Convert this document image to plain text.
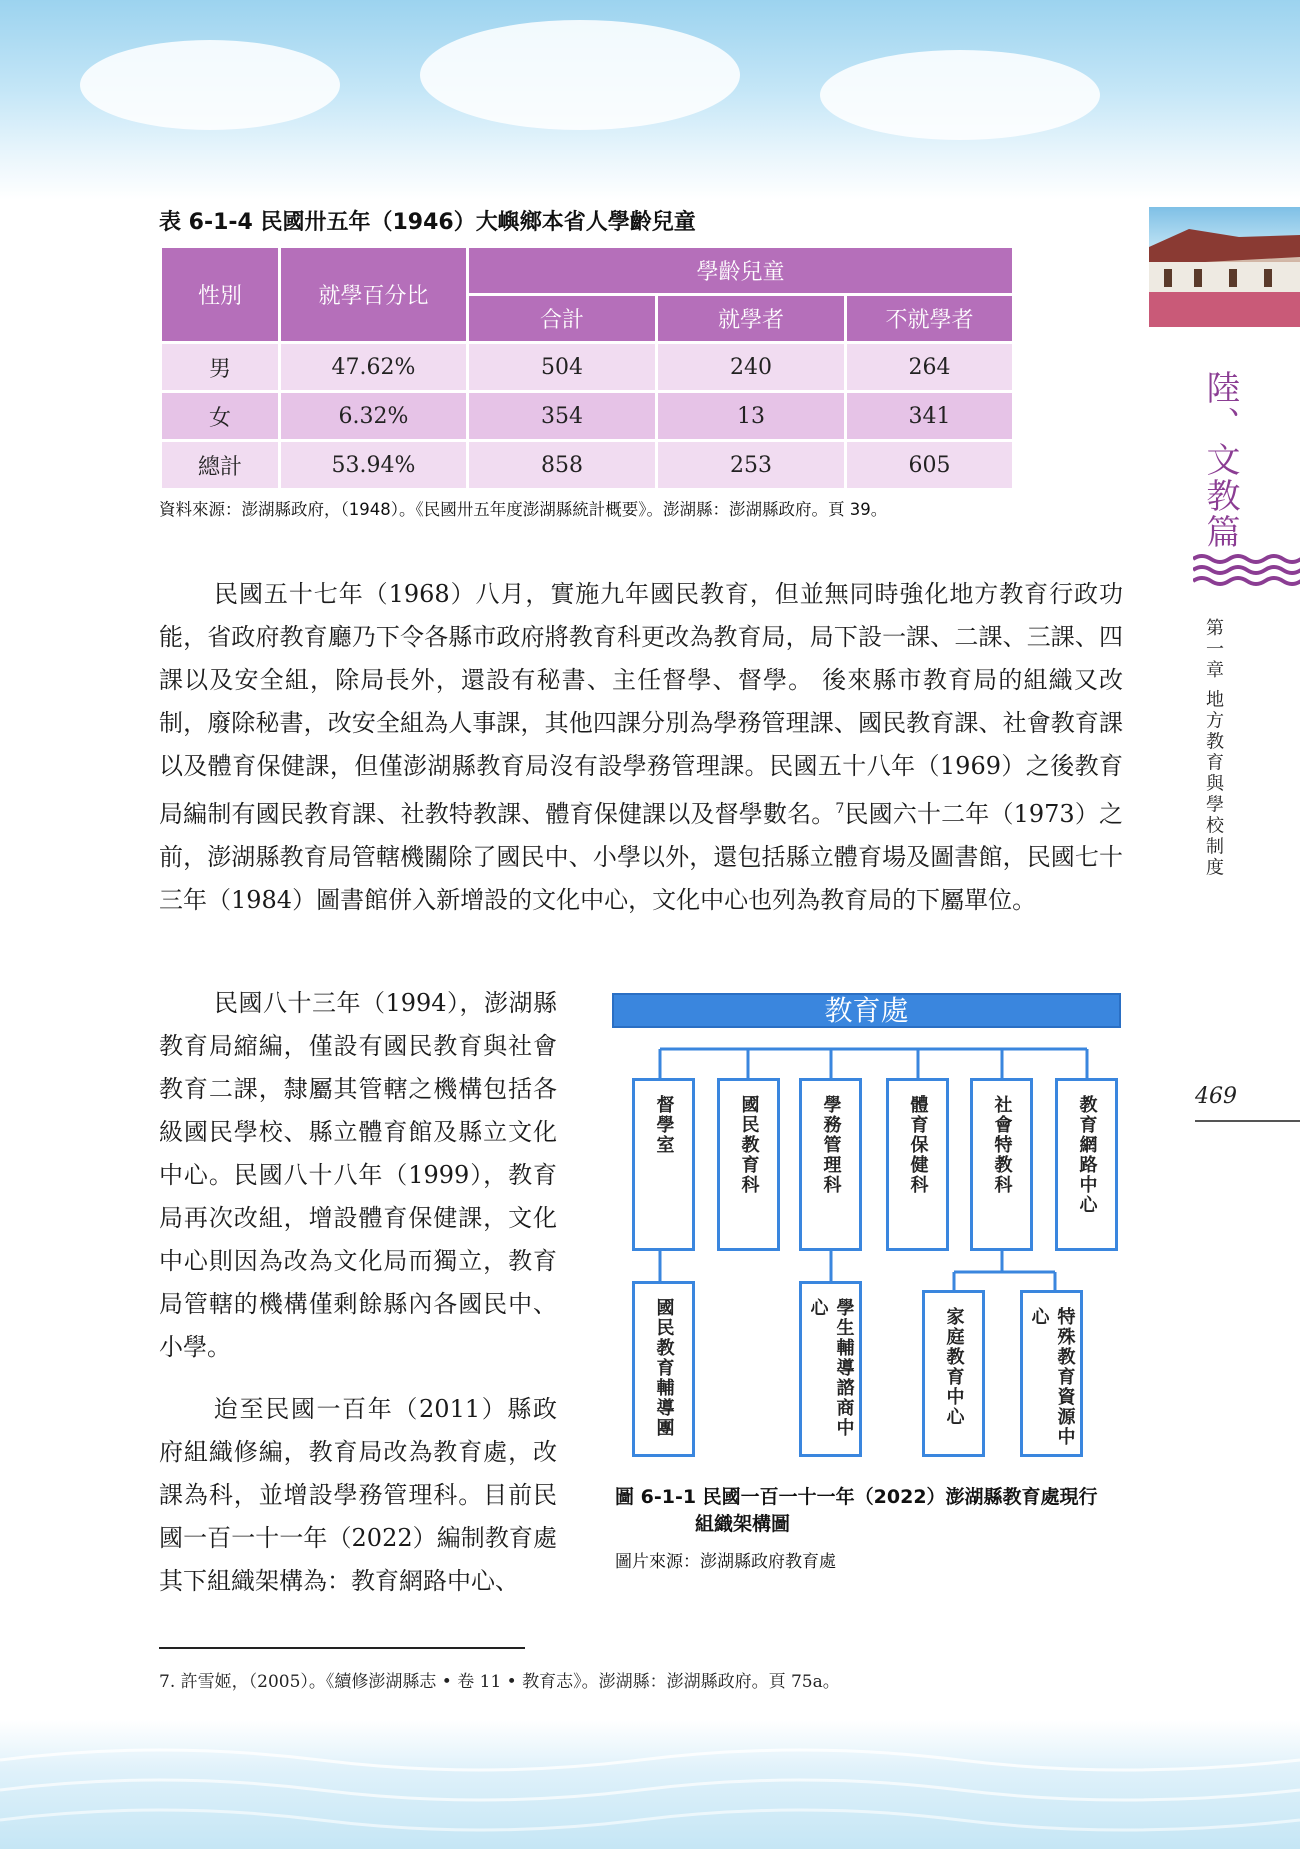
表 6-1-4 民國卅五年（1946）大嶼鄉本省人學齡兒童
性別	就學百分比	學齡兒童		
		合計	就學者	不就學者
男	47.62%	504	240	264
女	6.32%	354	13	341
總計	53.94%	858	253	605
資料來源：澎湖縣政府，（1948）。《民國卅五年度澎湖縣統計概要》。澎湖縣：澎湖縣政府。頁 39。

民國五十七年（1968）八月，實施九年國民教育，但並無同時強化地方教育行政功能，省政府教育廳乃下令各縣市政府將教育科更改為教育局，局下設一課、二課、三課、四課以及安全組，除局長外，還設有秘書、主任督學、督學。 後來縣市教育局的組織又改制，廢除秘書，改安全組為人事課，其他四課分別為學務管理課、國民教育課、社會教育課以及體育保健課，但僅澎湖縣教育局沒有設學務管理課。民國五十八年（1969）之後教育局編制有國民教育課、社教特教課、體育保健課以及督學數名。$^7$民國六十二年（1973）之前，澎湖縣教育局管轄機關除了國民中、小學以外，還包括縣立體育場及圖書館，民國七十三年（1984）圖書館併入新增設的文化中心，文化中心也列為教育局的下屬單位。

民國八十三年（1994），澎湖縣教育局縮編，僅設有國民教育與社會教育二課，隸屬其管轄之機構包括各級國民學校、縣立體育館及縣立文化中心。民國八十八年（1999），教育局再次改組，增設體育保健課，文化中心則因為改為文化局而獨立，教育局管轄的機構僅剩餘縣內各國民中、小學。

迨至民國一百年（2011）縣政府組織修編，教育局改為教育處，改課為科，並增設學務管理科。目前民國一百一十一年（2022）編制教育處其下組織架構為：教育網路中心、

教育處
督學室	國民教育科	學務管理科	體育保健科	社會特教科	教育網路中心
國民教育輔導團	學生輔導諮商中心	家庭教育中心	特殊教育資源中心
圖 6-1-1 民國一百一十一年（2022）澎湖縣教育處現行
組織架構圖
圖片來源：澎湖縣政府教育處
7. 許雪姬，（2005）。《續修澎湖縣志 • 卷 11 • 教育志》。澎湖縣：澎湖縣政府。頁 75a。
陸、文教篇
第一章 地方教育與學校制度
469
